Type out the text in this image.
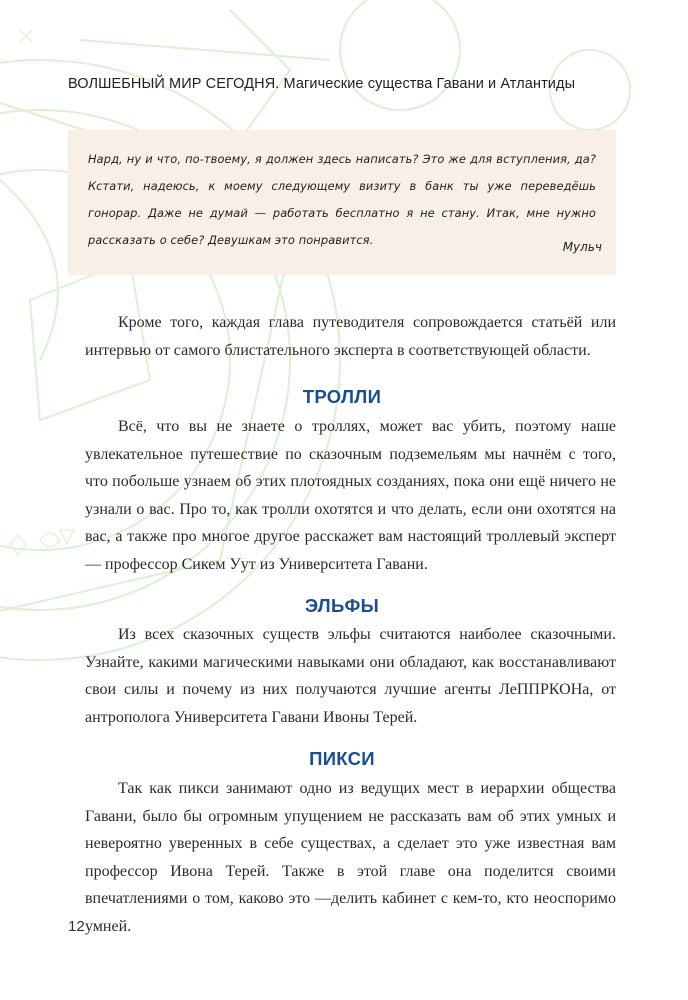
ВОЛШЕБНЫЙ МИР СЕГОДНЯ. Магические существа Гавани и Атлантиды
Нард, ну и что, по-твоему, я должен здесь написать? Это же для вступления, да? Кстати, надеюсь, к моему следующему визиту в банк ты уже переведёшь гонорар. Даже не думай — работать бесплатно я не стану. Итак, мне нужно рассказать о себе? Девушкам это понравится.	Мульч

Кроме того, каждая глава путеводителя сопровождается статьёй или интервью от самого блистательного эксперта в соответствующей области.

ТРОЛЛИ

Всё, что вы не знаете о троллях, может вас убить, поэтому наше увлекательное путешествие по сказочным подземельям мы начнём с того, что побольше узнаем об этих плотоядных созданиях, пока они ещё ничего не узнали о вас. Про то, как тролли охотятся и что делать, если они охотятся на вас, а также про многое другое расскажет вам настоящий троллевый эксперт — профессор Сикем Уут из Университета Гавани.

ЭЛЬФЫ

Из всех сказочных существ эльфы считаются наиболее сказочными. Узнайте, какими магическими навыками они обладают, как восстанавливают свои силы и почему из них получаются лучшие агенты ЛеППРКОНа, от антрополога Университета Гавани Ивоны Терей.

ПИКСИ

Так как пикси занимают одно из ведущих мест в иерархии общества Гавани, было бы огромным упущением не рассказать вам об этих умных и невероятно уверенных в себе существах, а сделает это уже известная вам профессор Ивона Терей. Также в этой главе она поделится своими впечатлениями о том, каково это —делить кабинет с кем-то, кто неоспоримо умней.

12
